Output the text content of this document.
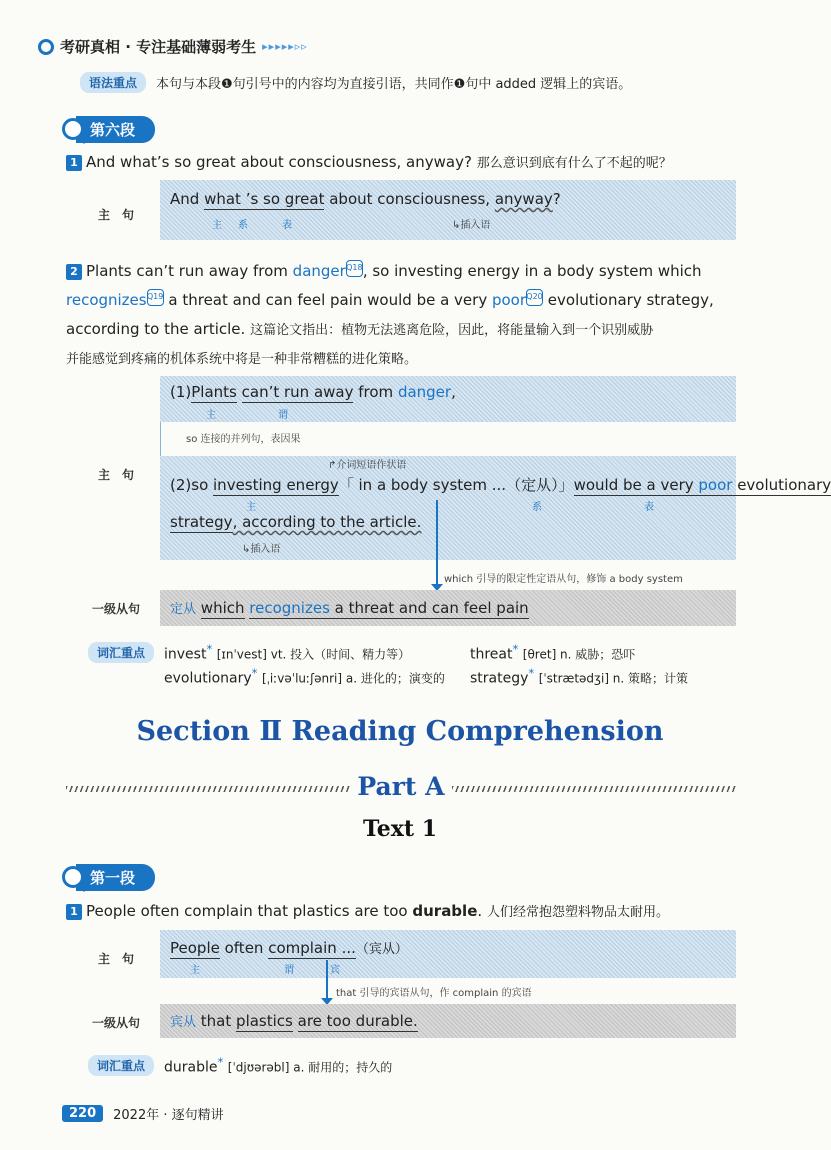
考研真相 · 专注基础薄弱考生 ▸▸▸▸▸▹▹
语法重点	本句与本段❶句引号中的内容均为直接引语，共同作❶句中 added 逻辑上的宾语。
第六段
1 And what’s so great about consciousness, anyway? 那么意识到底有什么了不起的呢？
主　句
And what ’s so great about consciousness, anyway?
主 系	表	↳插入语
2 Plants can’t run away from dangerQ18, so investing energy in a body system which
recognizesQ19 a threat and can feel pain would be a very poorQ20 evolutionary strategy,
according to the article. 这篇论文指出：植物无法逃离危险，因此，将能量输入到一个识别威胁
并能感觉到疼痛的机体系统中将是一种非常糟糕的进化策略。
主　句
(1)Plants can’t run away from danger,
主	谓
so 连接的并列句，表因果
↱介词短语作状语
(2)so investing energy「 in a body system ...（定从）」would be a very poor evolutionary
主	系	表
strategy, according to the article.
↳插入语
which 引导的限定性定语从句，修饰 a body system
一级从句 定从 which recognizes a threat and can feel pain
词汇重点	invest* [ɪnˈvest] vt. 投入（时间、精力等）	threat* [θret] n. 威胁；恐吓
evolutionary* [ˌiːvəˈluːʃənri] a. 进化的；演变的 strategy* [ˈstrætədʒi] n. 策略；计策
Section Ⅱ Reading Comprehension
Part A
Text 1
第一段
1 People often complain that plastics are too durable. 人们经常抱怨塑料物品太耐用。
主　句
People often complain ...（宾从）
主	谓	宾
that 引导的宾语从句，作 complain 的宾语
一级从句 宾从 that plastics are too durable.
词汇重点	durable* [ˈdjʊərəbl] a. 耐用的；持久的
220	2022年 · 逐句精讲
